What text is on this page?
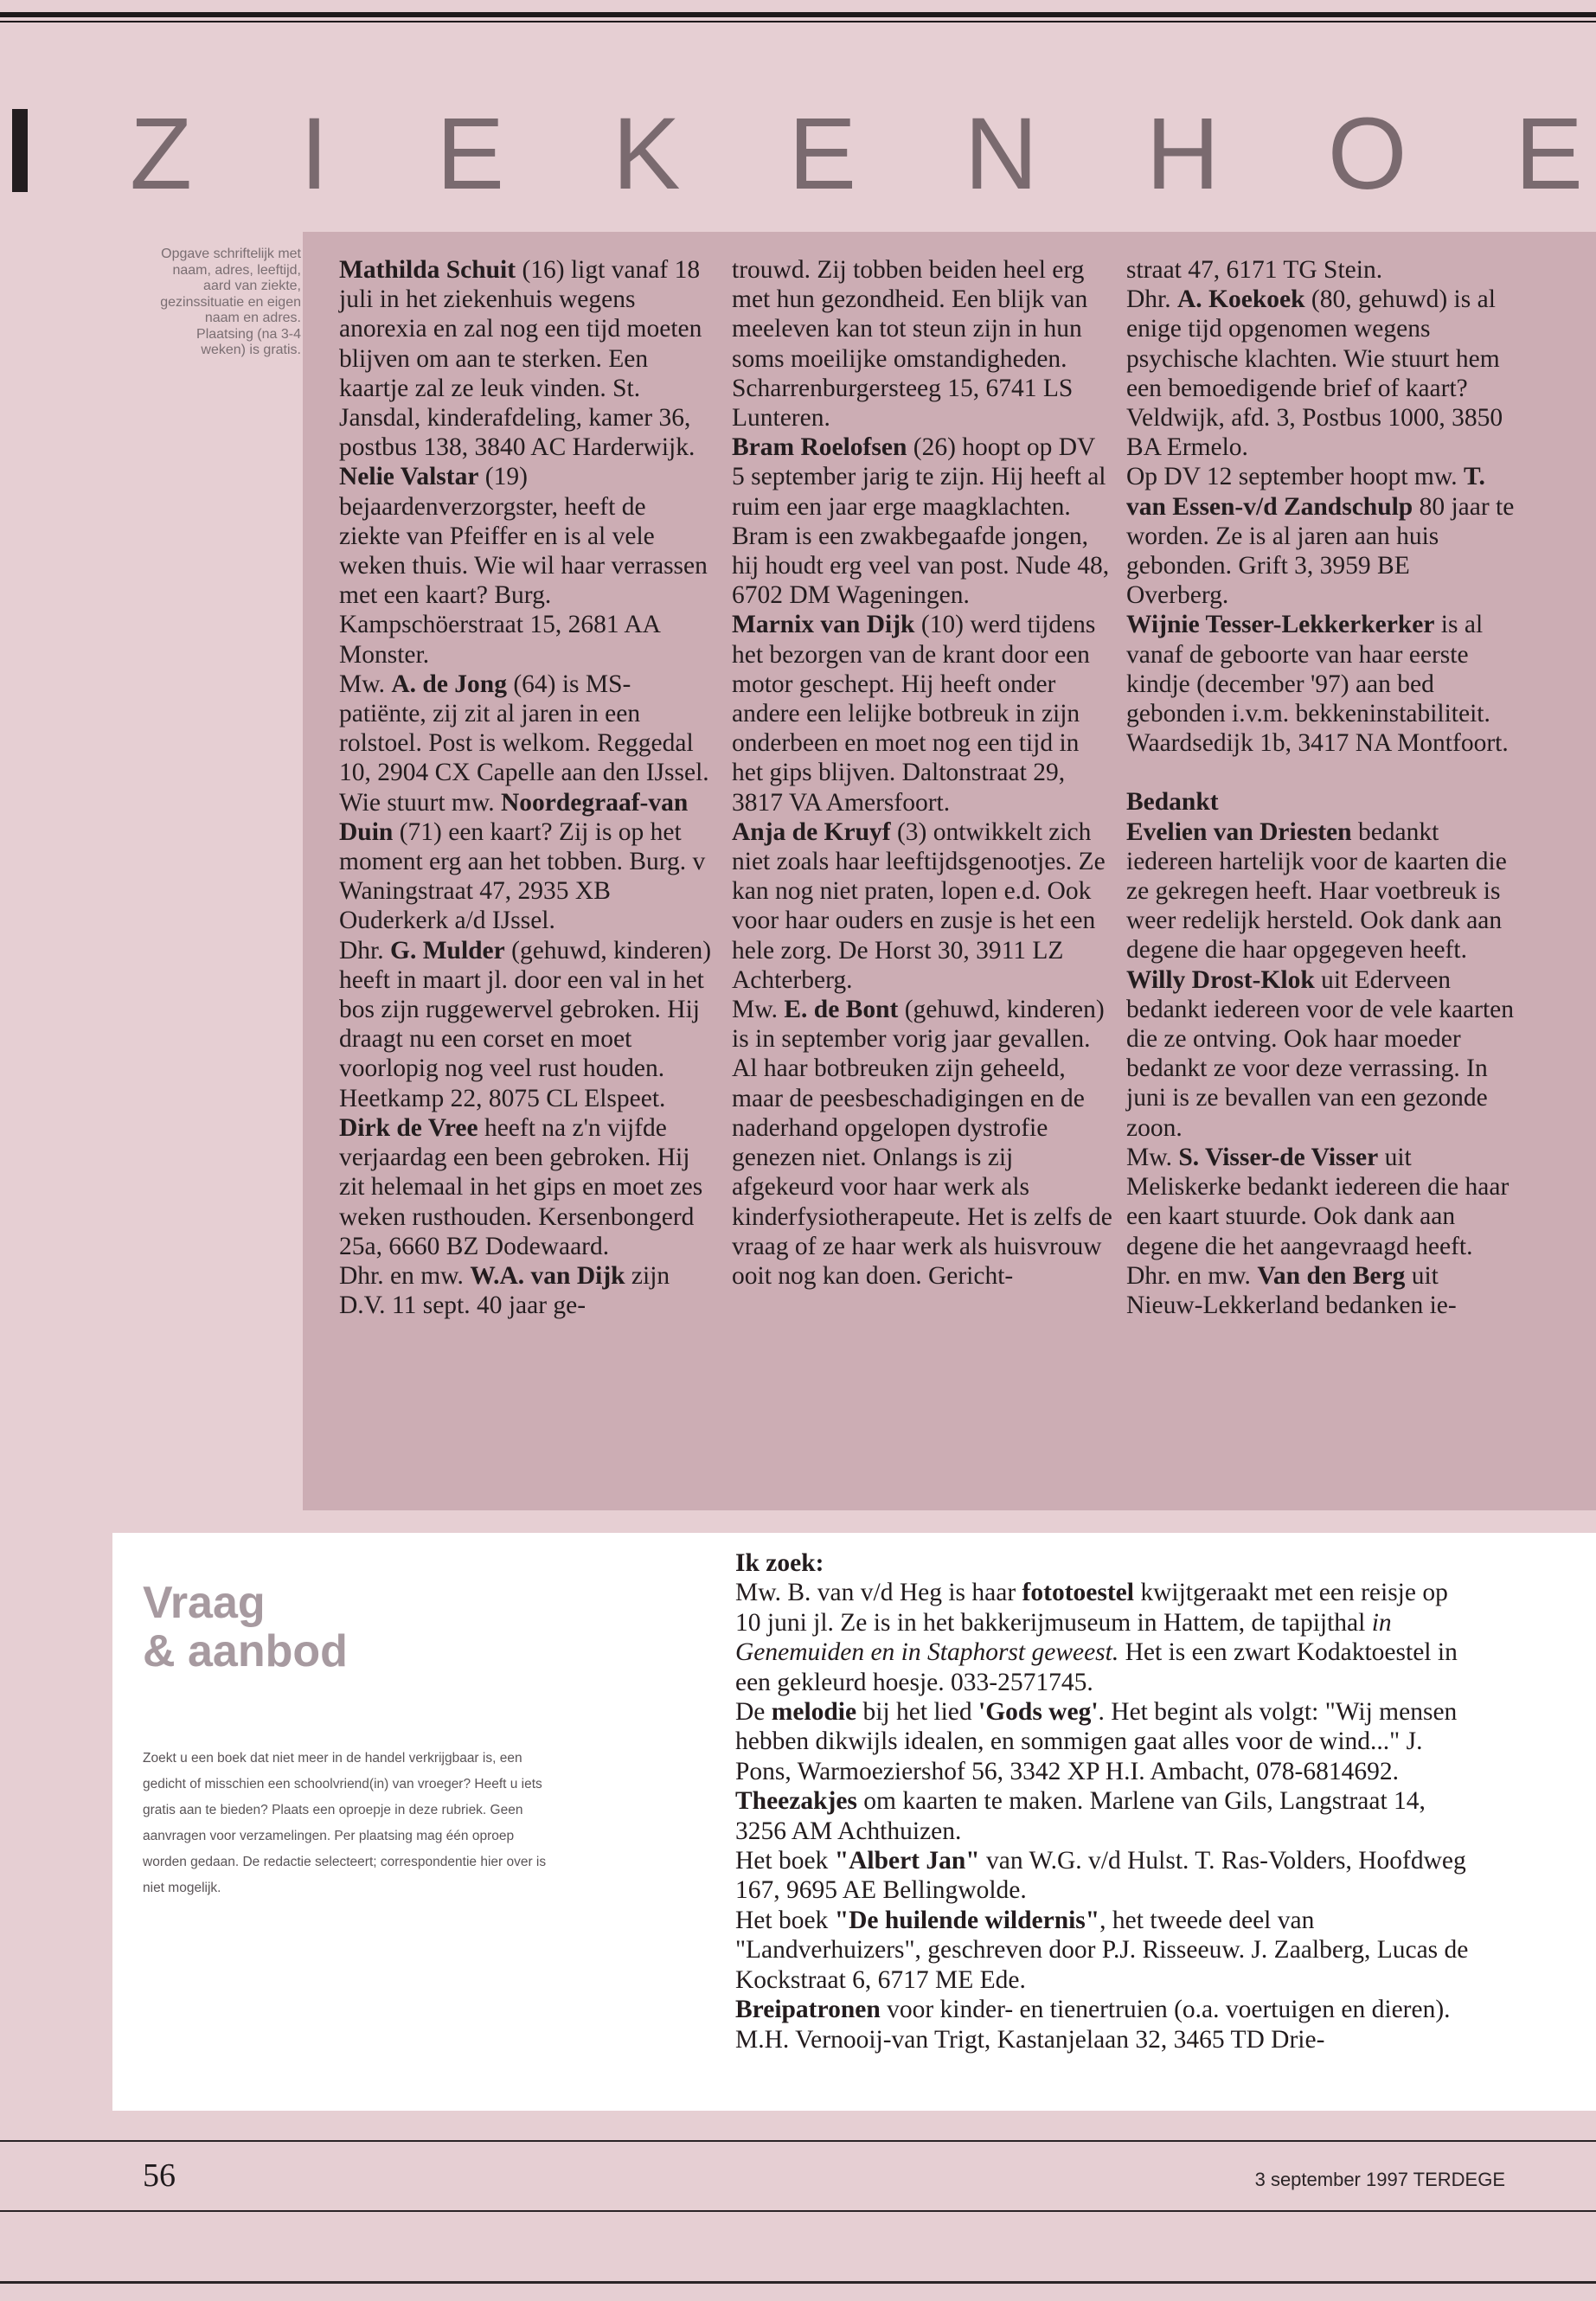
Z I E K E N H O E
Opgave schriftelijk met naam, adres, leeftijd, aard van ziekte, gezinssituatie en eigen naam en adres. Plaatsing (na 3-4 weken) is gratis.

Mathilda Schuit (16) ligt vanaf 18 juli in het ziekenhuis wegens anorexia en zal nog een tijd moeten blijven om aan te sterken. Een kaartje zal ze leuk vinden. St. Jansdal, kinderafdeling, kamer 36, postbus 138, 3840 AC Harderwijk.

Nelie Valstar (19) bejaardenverzorgster, heeft de ziekte van Pfeiffer en is al vele weken thuis. Wie wil haar verrassen met een kaart? Burg. Kampschöerstraat 15, 2681 AA Monster.

Mw. A. de Jong (64) is MS-patiënte, zij zit al jaren in een rolstoel. Post is welkom. Reggedal 10, 2904 CX Capelle aan den IJssel.

Wie stuurt mw. Noordegraaf-van Duin (71) een kaart? Zij is op het moment erg aan het tobben. Burg. v Waningstraat 47, 2935 XB Ouderkerk a/d IJssel.

Dhr. G. Mulder (gehuwd, kinderen) heeft in maart jl. door een val in het bos zijn ruggewervel gebroken. Hij draagt nu een corset en moet voorlopig nog veel rust houden. Heetkamp 22, 8075 CL Elspeet.

Dirk de Vree heeft na z'n vijfde verjaardag een been gebroken. Hij zit helemaal in het gips en moet zes weken rusthouden. Kersenbongerd 25a, 6660 BZ Dodewaard.

Dhr. en mw. W.A. van Dijk zijn D.V. 11 sept. 40 jaar ge-

trouwd. Zij tobben beiden heel erg met hun gezondheid. Een blijk van meeleven kan tot steun zijn in hun soms moeilijke omstandigheden. Scharrenburgersteeg 15, 6741 LS Lunteren.

Bram Roelofsen (26) hoopt op DV 5 september jarig te zijn. Hij heeft al ruim een jaar erge maagklachten. Bram is een zwakbegaafde jongen, hij houdt erg veel van post. Nude 48, 6702 DM Wageningen.

Marnix van Dijk (10) werd tijdens het bezorgen van de krant door een motor geschept. Hij heeft onder andere een lelijke botbreuk in zijn onderbeen en moet nog een tijd in het gips blijven. Daltonstraat 29, 3817 VA Amersfoort.

Anja de Kruyf (3) ontwikkelt zich niet zoals haar leeftijdsgenootjes. Ze kan nog niet praten, lopen e.d. Ook voor haar ouders en zusje is het een hele zorg. De Horst 30, 3911 LZ Achterberg.

Mw. E. de Bont (gehuwd, kinderen) is in september vorig jaar gevallen. Al haar botbreuken zijn geheeld, maar de peesbeschadigingen en de naderhand opgelopen dystrofie genezen niet. Onlangs is zij afgekeurd voor haar werk als kinderfysiotherapeute. Het is zelfs de vraag of ze haar werk als huisvrouw ooit nog kan doen. Gericht-

straat 47, 6171 TG Stein.

Dhr. A. Koekoek (80, gehuwd) is al enige tijd opgenomen wegens psychische klachten. Wie stuurt hem een bemoedigende brief of kaart? Veldwijk, afd. 3, Postbus 1000, 3850 BA Ermelo.

Op DV 12 september hoopt mw. T. van Essen-v/d Zandschulp 80 jaar te worden. Ze is al jaren aan huis gebonden. Grift 3, 3959 BE Overberg.

Wijnie Tesser-Lekkerkerker is al vanaf de geboorte van haar eerste kindje (december '97) aan bed gebonden i.v.m. bekkeninstabiliteit. Waardsedijk 1b, 3417 NA Montfoort.

Bedankt

Evelien van Driesten bedankt iedereen hartelijk voor de kaarten die ze gekregen heeft. Haar voetbreuk is weer redelijk hersteld. Ook dank aan degene die haar opgegeven heeft.

Willy Drost-Klok uit Ederveen bedankt iedereen voor de vele kaarten die ze ontving. Ook haar moeder bedankt ze voor deze verrassing. In juni is ze bevallen van een gezonde zoon.

Mw. S. Visser-de Visser uit Meliskerke bedankt iedereen die haar een kaart stuurde. Ook dank aan degene die het aangevraagd heeft.

Dhr. en mw. Van den Berg uit Nieuw-Lekkerland bedanken ie-

Vraag
& aanbod
Zoekt u een boek dat niet meer in de handel verkrijgbaar is, een gedicht of misschien een schoolvriend(in) van vroeger? Heeft u iets gratis aan te bieden? Plaats een oproepje in deze rubriek. Geen aanvragen voor verzamelingen. Per plaatsing mag één oproep worden gedaan. De redactie selecteert; correspondentie hier over is niet mogelijk.

Ik zoek:

Mw. B. van v/d Heg is haar fototoestel kwijtgeraakt met een reisje op 10 juni jl. Ze is in het bakkerijmuseum in Hattem, de tapijthal in Genemuiden en in Staphorst geweest. Het is een zwart Kodaktoestel in een gekleurd hoesje. 033-2571745.

De melodie bij het lied 'Gods weg'. Het begint als volgt: "Wij mensen hebben dikwijls idealen, en sommigen gaat alles voor de wind..." J. Pons, Warmoeziershof 56, 3342 XP H.I. Ambacht, 078-6814692.

Theezakjes om kaarten te maken. Marlene van Gils, Langstraat 14, 3256 AM Achthuizen.

Het boek "Albert Jan" van W.G. v/d Hulst. T. Ras-Volders, Hoofdweg 167, 9695 AE Bellingwolde.

Het boek "De huilende wildernis", het tweede deel van "Landverhuizers", geschreven door P.J. Risseeuw. J. Zaalberg, Lucas de Kockstraat 6, 6717 ME Ede.

Breipatronen voor kinder- en tienertruien (o.a. voertuigen en dieren). M.H. Vernooij-van Trigt, Kastanjelaan 32, 3465 TD Drie-

56	3 september 1997 TERDEGE
